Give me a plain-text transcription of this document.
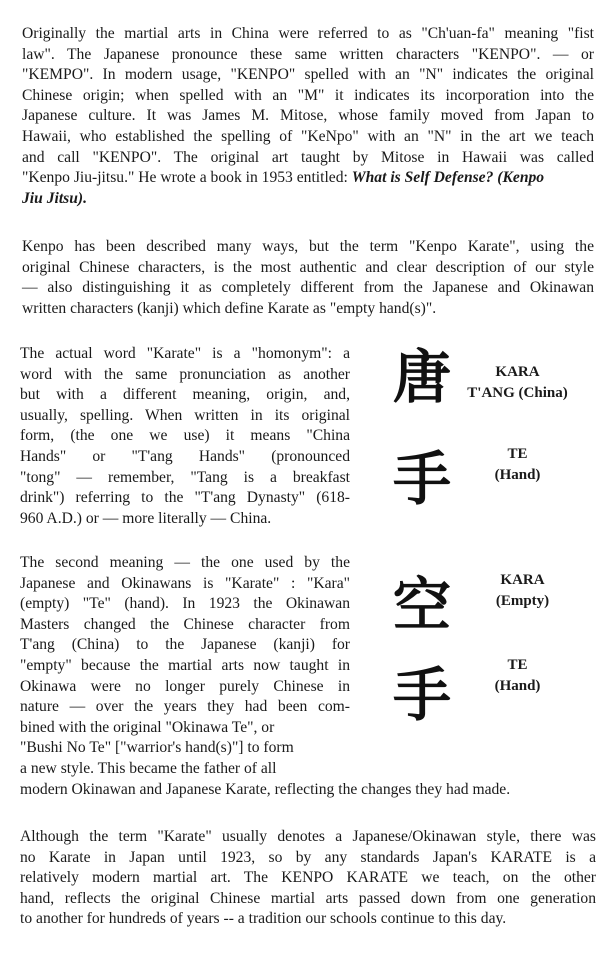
Originally the martial arts in China were referred to as "Ch'uan-fa" meaning "fist
law". The Japanese pronounce these same written characters "KENPO". — or
"KEMPO". In modern usage, "KENPO" spelled with an "N" indicates the original
Chinese origin; when spelled with an "M" it indicates its incorporation into the
Japanese culture. It was James M. Mitose, whose family moved from Japan to
Hawaii, who established the spelling of "KeNpo" with an "N" in the art we teach
and call "KENPO". The original art taught by Mitose in Hawaii was called
"Kenpo Jiu-jitsu." He wrote a book in 1953 entitled: What is Self Defense? (Kenpo
Jiu Jitsu).
Kenpo has been described many ways, but the term "Kenpo Karate", using the
original Chinese characters, is the most authentic and clear description of our style
— also distinguishing it as completely different from the Japanese and Okinawan
written characters (kanji) which define Karate as "empty hand(s)".
The actual word "Karate" is a "homonym": a
word with the same pronunciation as another
but with a different meaning, origin, and,
usually, spelling. When written in its original
form, (the one we use) it means "China
Hands" or "T'ang Hands" (pronounced
"tong" — remember, "Tang is a breakfast
drink") referring to the "T'ang Dynasty" (618-
960 A.D.) or — more literally — China.
The second meaning — the one used by the
Japanese and Okinawans is "Karate" : "Kara"
(empty) "Te" (hand). In 1923 the Okinawan
Masters changed the Chinese character from
T'ang (China) to the Japanese (kanji) for
"empty" because the martial arts now taught in
Okinawa were no longer purely Chinese in
nature — over the years they had been com-
bined with the original "Okinawa Te", or
"Bushi No Te" ["warrior's hand(s)"] to form
a new style. This became the father of all
modern Okinawan and Japanese Karate, reflecting the changes they had made.
Although the term "Karate" usually denotes a Japanese/Okinawan style, there was
no Karate in Japan until 1923, so by any standards Japan's KARATE is a
relatively modern martial art. The KENPO KARATE we teach, on the other
hand, reflects the original Chinese martial arts passed down from one generation
to another for hundreds of years -- a tradition our schools continue to this day.
唐
手
空
手
KARA
T'ANG (China)
TE
(Hand)
KARA
(Empty)
TE
(Hand)
